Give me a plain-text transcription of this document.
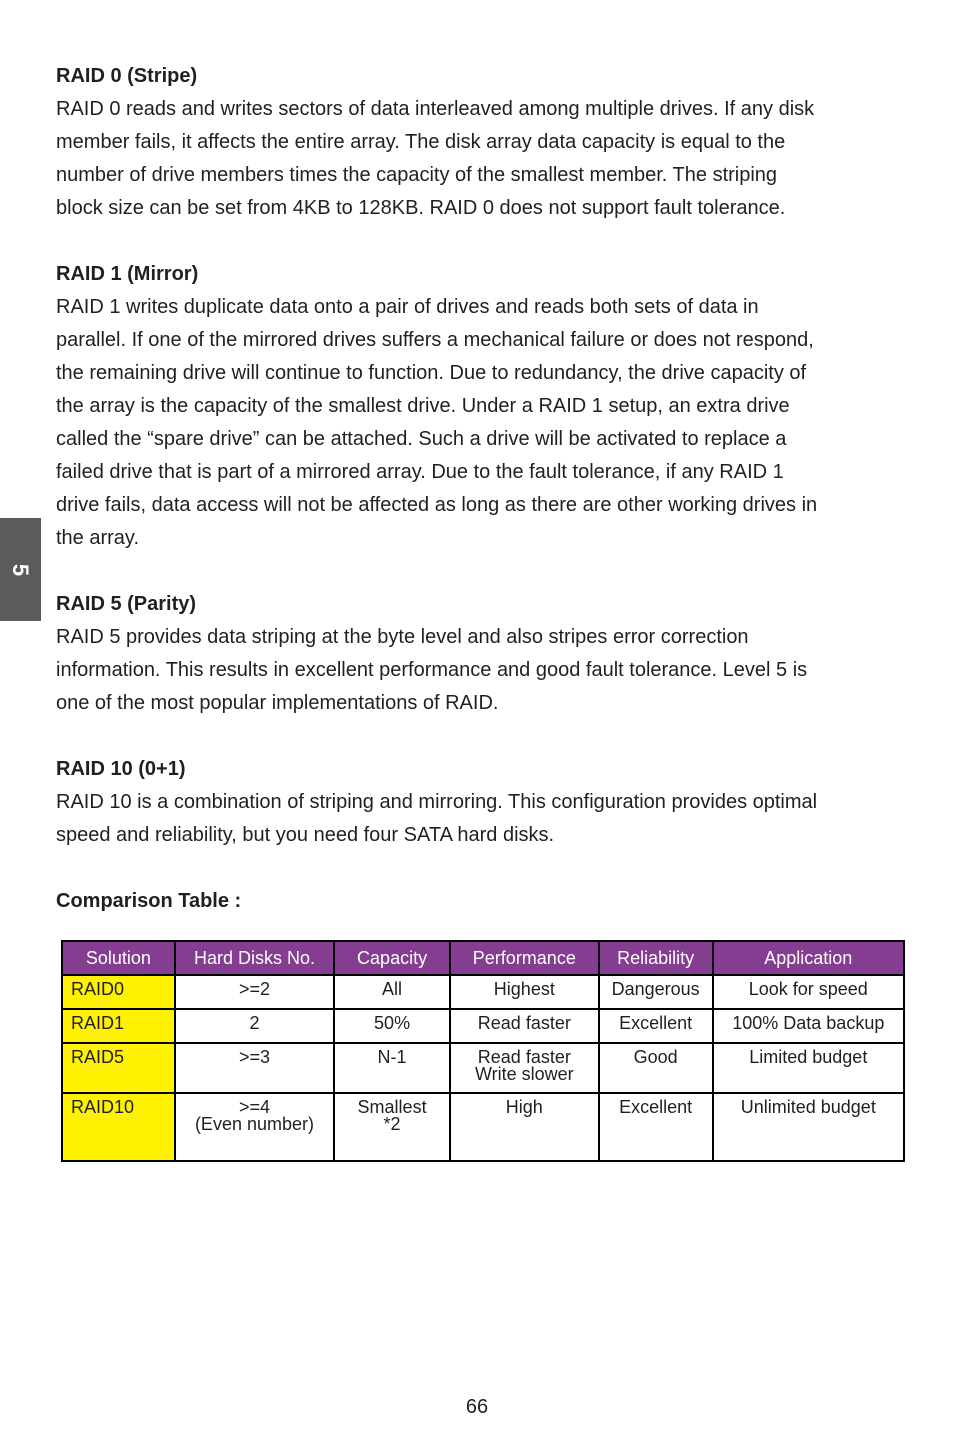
5

RAID 0 (Stripe)

RAID 0 reads and writes sectors of data interleaved among multiple drives. If any disk
member fails, it affects the entire array. The disk array data capacity is equal to the
number of drive members times the capacity of the smallest member. The striping
block size can be set from 4KB to 128KB. RAID 0 does not support fault tolerance.

RAID 1 (Mirror)

RAID 1 writes duplicate data onto a pair of drives and reads both sets of data in
parallel. If one of the mirrored drives suffers a mechanical failure or does not respond,
the remaining drive will continue to function. Due to redundancy, the drive capacity of
the array is the capacity of the smallest drive. Under a RAID 1 setup, an extra drive
called the “spare drive” can be attached. Such a drive will be activated to replace a
failed drive that is part of a mirrored array. Due to the fault tolerance, if any RAID 1
drive fails, data access will not be affected as long as there are other working drives in
the array.

RAID 5 (Parity)

RAID 5 provides data striping at the byte level and also stripes error correction
information. This results in excellent performance and good fault tolerance. Level 5 is
one of the most popular implementations of RAID.

RAID 10 (0+1)

RAID 10 is a combination of striping and mirroring. This configuration provides optimal
speed and reliability, but you need four SATA hard disks.

Comparison Table :

Solution	Hard Disks No.	Capacity	Performance	Reliability	Application

RAID0	>=2	All	Highest	Dangerous	Look for speed

RAID1	2	50%	Read faster	Excellent	100% Data backup

RAID5	>=3	N-1	Read faster
Write slower	Good	Limited budget

RAID10	>=4
(Even number)	Smallest
*2	High	Excellent	Unlimited budget
66
